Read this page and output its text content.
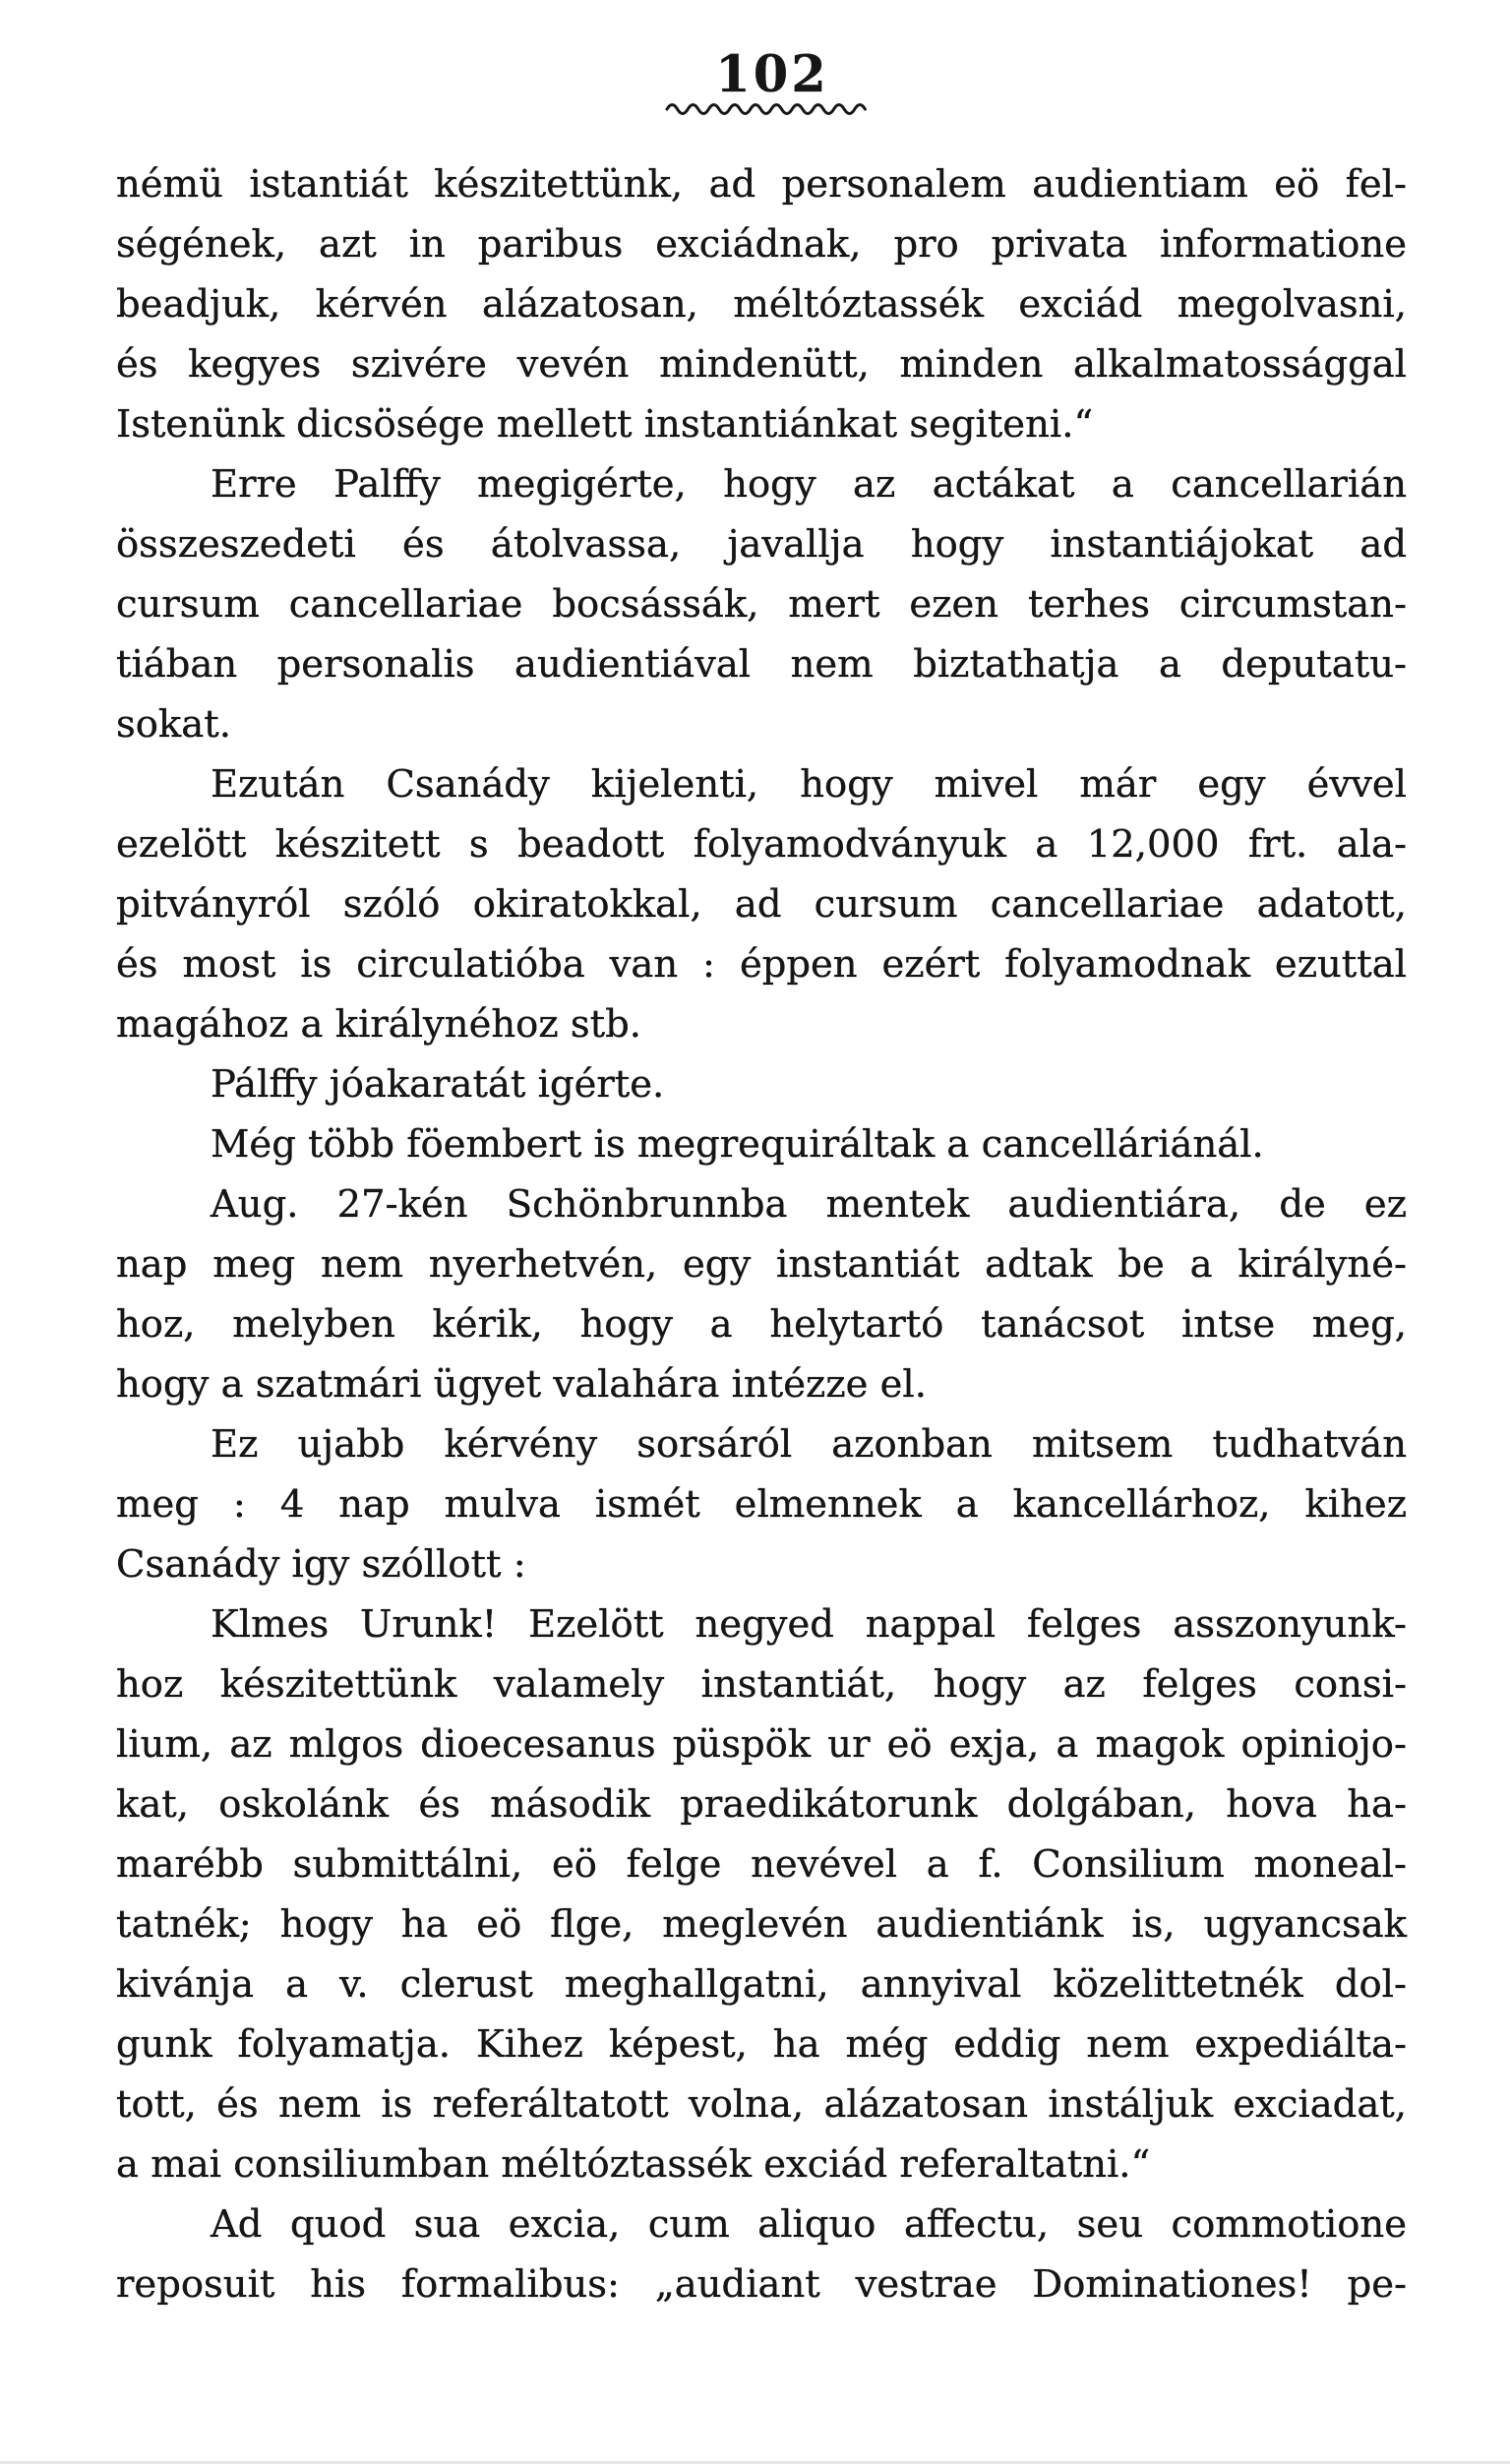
102
némü istantiát készitettünk, ad personalem audientiam eö fel-
ségének, azt in paribus exciádnak, pro privata informatione
beadjuk, kérvén alázatosan, méltóztassék exciád megolvasni,
és kegyes szivére vevén mindenütt, minden alkalmatossággal
Istenünk dicsösége mellett instantiánkat segiteni.“
Erre Palffy megigérte, hogy az actákat a cancellarián
összeszedeti és átolvassa, javallja hogy instantiájokat ad
cursum cancellariae bocsássák, mert ezen terhes circumstan-
tiában personalis audientiával nem biztathatja a deputatu-
sokat.
Ezután Csanády kijelenti, hogy mivel már egy évvel
ezelött készitett s beadott folyamodványuk a 12,000 frt. ala-
pitványról szóló okiratokkal, ad cursum cancellariae adatott,
és most is circulatióba van : éppen ezért folyamodnak ezuttal
magához a királynéhoz stb.
Pálffy jóakaratát igérte.
Még több föembert is megrequiráltak a cancelláriánál.
Aug. 27-kén Schönbrunnba mentek audientiára, de ez
nap meg nem nyerhetvén, egy instantiát adtak be a királyné-
hoz, melyben kérik, hogy a helytartó tanácsot intse meg,
hogy a szatmári ügyet valahára intézze el.
Ez ujabb kérvény sorsáról azonban mitsem tudhatván
meg : 4 nap mulva ismét elmennek a kancellárhoz, kihez
Csanády igy szóllott :
Klmes Urunk! Ezelött negyed nappal felges asszonyunk-
hoz készitettünk valamely instantiát, hogy az felges consi-
lium, az mlgos dioecesanus püspök ur eö exja, a magok opiniojo-
kat, oskolánk és második praedikátorunk dolgában, hova ha-
marébb submittálni, eö felge nevével a f. Consilium moneal-
tatnék; hogy ha eö flge, meglevén audientiánk is, ugyancsak
kivánja a v. clerust meghallgatni, annyival közelittetnék dol-
gunk folyamatja. Kihez képest, ha még eddig nem expediálta-
tott, és nem is referáltatott volna, alázatosan instáljuk exciadat,
a mai consiliumban méltóztassék exciád referaltatni.“
Ad quod sua excia, cum aliquo affectu, seu commotione
reposuit his formalibus: „audiant vestrae Dominationes! pe-
